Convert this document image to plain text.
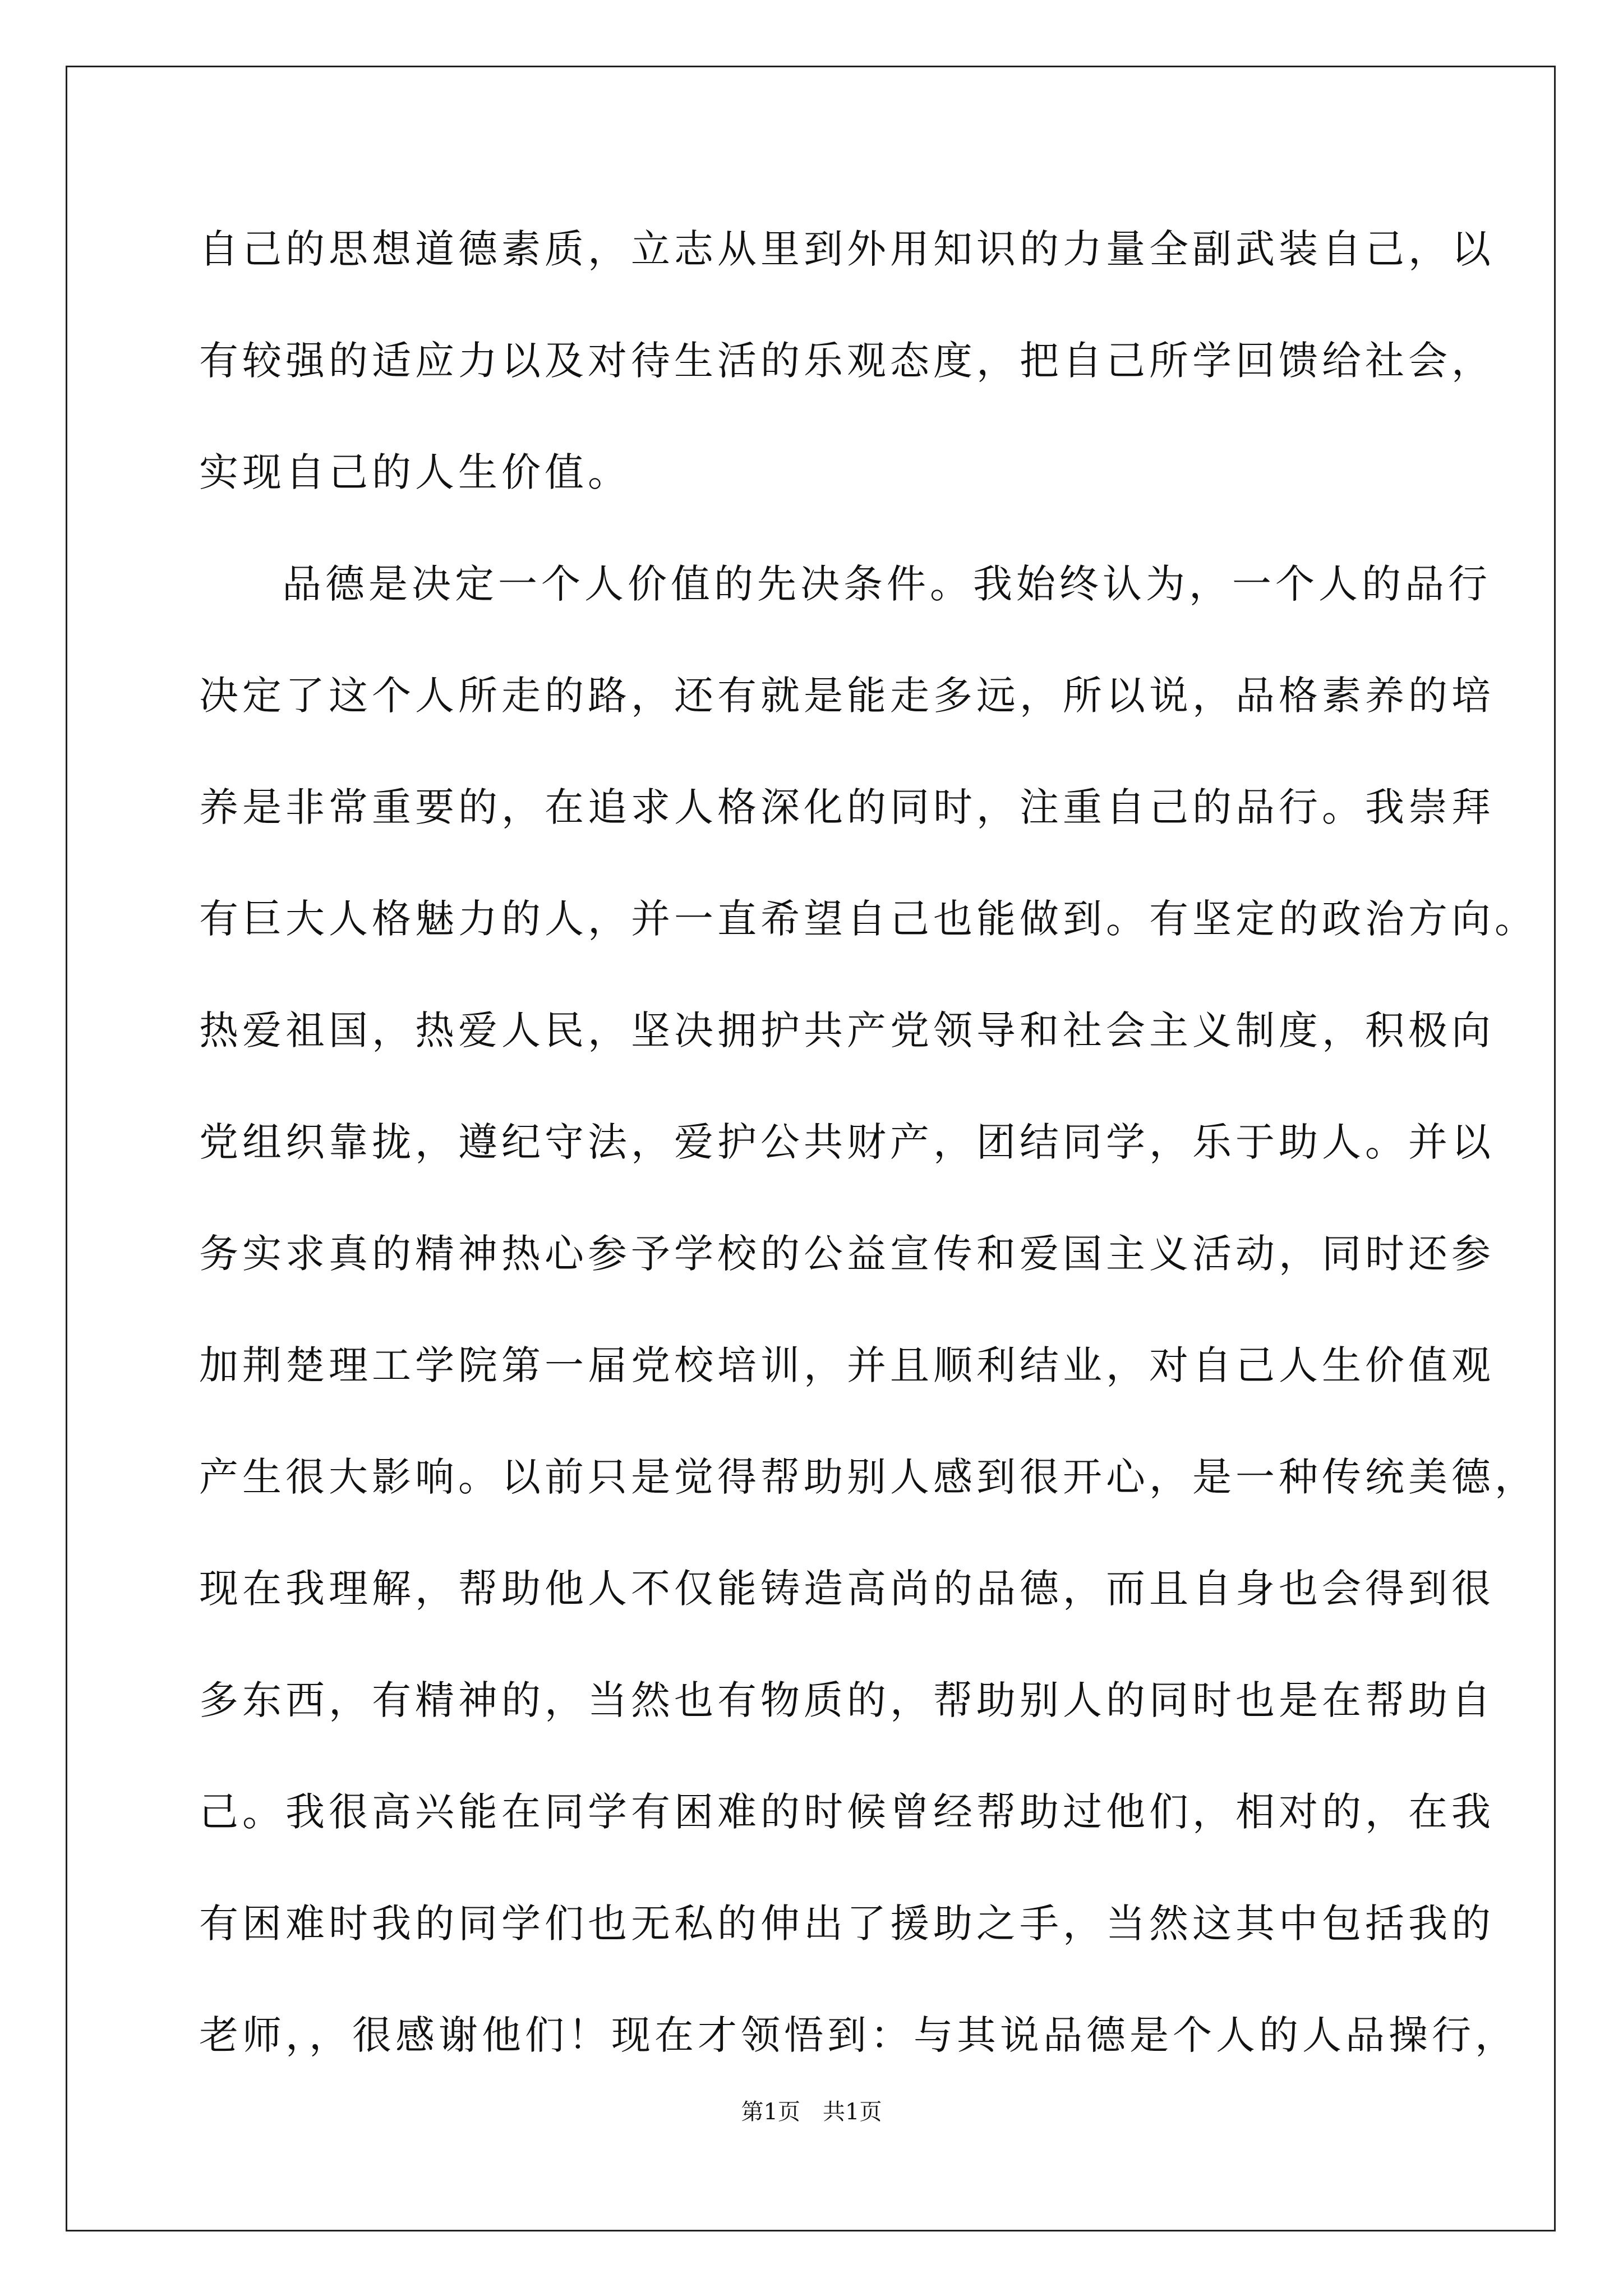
自己的思想道德素质，立志从里到外用知识的力量全副武装自己，以
有较强的适应力以及对待生活的乐观态度，把自己所学回馈给社会，
实现自己的人生价值。
品德是决定一个人价值的先决条件。我始终认为，一个人的品行
决定了这个人所走的路，还有就是能走多远，所以说，品格素养的培
养是非常重要的，在追求人格深化的同时，注重自己的品行。我崇拜
有巨大人格魅力的人，并一直希望自己也能做到。有坚定的政治方向。
热爱祖国，热爱人民，坚决拥护共产党领导和社会主义制度，积极向
党组织靠拢，遵纪守法，爱护公共财产，团结同学，乐于助人。并以
务实求真的精神热心参予学校的公益宣传和爱国主义活动，同时还参
加荆楚理工学院第一届党校培训，并且顺利结业，对自己人生价值观
产生很大影响。以前只是觉得帮助别人感到很开心，是一种传统美德，
现在我理解，帮助他人不仅能铸造高尚的品德，而且自身也会得到很
多东西，有精神的，当然也有物质的，帮助别人的同时也是在帮助自
己。我很高兴能在同学有困难的时候曾经帮助过他们，相对的，在我
有困难时我的同学们也无私的伸出了援助之手，当然这其中包括我的
老师，，很感谢他们！现在才领悟到：与其说品德是个人的人品操行，
第1页 共1页
